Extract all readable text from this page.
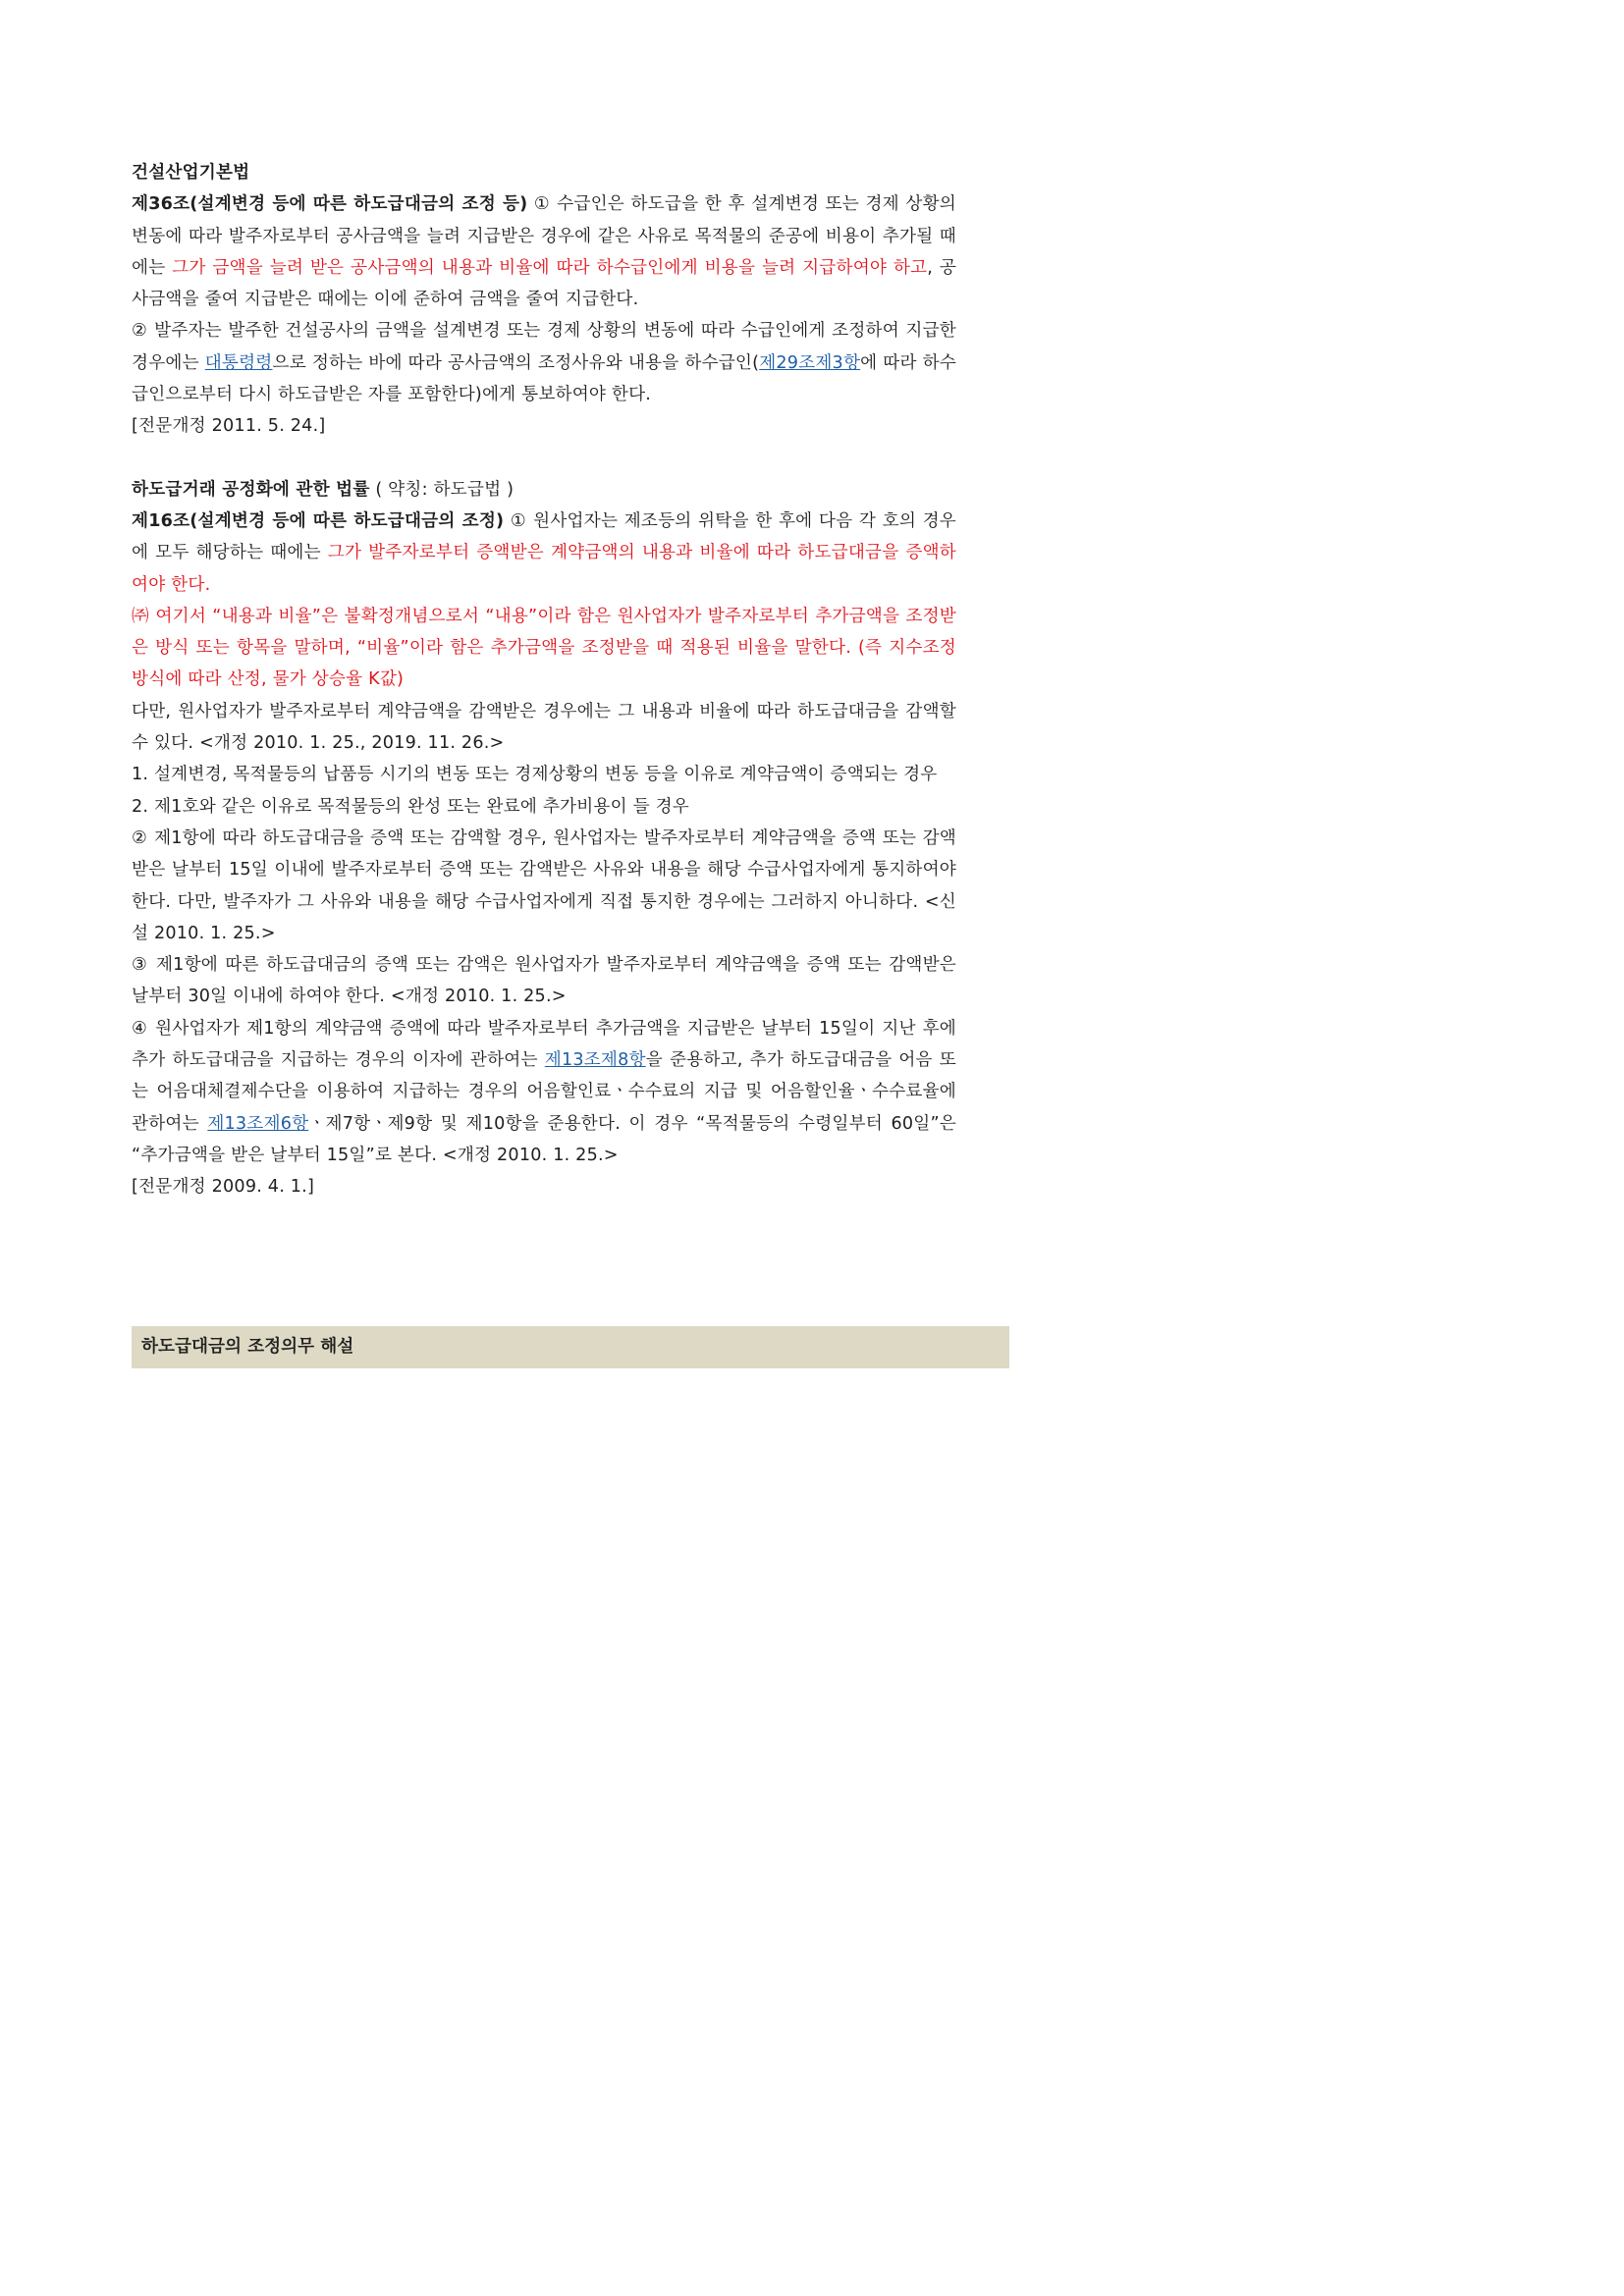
건설산업기본법

제36조(설계변경 등에 따른 하도급대금의 조정 등) ① 수급인은 하도급을 한 후 설계변경 또는 경제 상황의 변동에 따라 발주자로부터 공사금액을 늘려 지급받은 경우에 같은 사유로 목적물의 준공에 비용이 추가될 때에는 그가 금액을 늘려 받은 공사금액의 내용과 비율에 따라 하수급인에게 비용을 늘려 지급하여야 하고, 공사금액을 줄여 지급받은 때에는 이에 준하여 금액을 줄여 지급한다.

② 발주자는 발주한 건설공사의 금액을 설계변경 또는 경제 상황의 변동에 따라 수급인에게 조정하여 지급한 경우에는 대통령령으로 정하는 바에 따라 공사금액의 조정사유와 내용을 하수급인(제29조제3항에 따라 하수급인으로부터 다시 하도급받은 자를 포함한다)에게 통보하여야 한다.

[전문개정 2011. 5. 24.]

하도급거래 공정화에 관한 법률 ( 약칭: 하도급법 )

제16조(설계변경 등에 따른 하도급대금의 조정) ① 원사업자는 제조등의 위탁을 한 후에 다음 각 호의 경우에 모두 해당하는 때에는 그가 발주자로부터 증액받은 계약금액의 내용과 비율에 따라 하도급대금을 증액하여야 한다.

㈜ 여기서 “내용과 비율”은 불확정개념으로서 “내용”이라 함은 원사업자가 발주자로부터 추가금액을 조정받은 방식 또는 항목을 말하며, “비율”이라 함은 추가금액을 조정받을 때 적용된 비율을 말한다. (즉 지수조정방식에 따라 산정, 물가 상승율 K값)

다만, 원사업자가 발주자로부터 계약금액을 감액받은 경우에는 그 내용과 비율에 따라 하도급대금을 감액할 수 있다. <개정 2010. 1. 25., 2019. 11. 26.>

1. 설계변경, 목적물등의 납품등 시기의 변동 또는 경제상황의 변동 등을 이유로 계약금액이 증액되는 경우

2. 제1호와 같은 이유로 목적물등의 완성 또는 완료에 추가비용이 들 경우

② 제1항에 따라 하도급대금을 증액 또는 감액할 경우, 원사업자는 발주자로부터 계약금액을 증액 또는 감액받은 날부터 15일 이내에 발주자로부터 증액 또는 감액받은 사유와 내용을 해당 수급사업자에게 통지하여야 한다. 다만, 발주자가 그 사유와 내용을 해당 수급사업자에게 직접 통지한 경우에는 그러하지 아니하다. <신설 2010. 1. 25.>

③ 제1항에 따른 하도급대금의 증액 또는 감액은 원사업자가 발주자로부터 계약금액을 증액 또는 감액받은 날부터 30일 이내에 하여야 한다. <개정 2010. 1. 25.>

④ 원사업자가 제1항의 계약금액 증액에 따라 발주자로부터 추가금액을 지급받은 날부터 15일이 지난 후에 추가 하도급대금을 지급하는 경우의 이자에 관하여는 제13조제8항을 준용하고, 추가 하도급대금을 어음 또는 어음대체결제수단을 이용하여 지급하는 경우의 어음할인료ㆍ수수료의 지급 및 어음할인율ㆍ수수료율에 관하여는 제13조제6항ㆍ제7항ㆍ제9항 및 제10항을 준용한다. 이 경우 “목적물등의 수령일부터 60일”은 “추가금액을 받은 날부터 15일”로 본다. <개정 2010. 1. 25.>

[전문개정 2009. 4. 1.]

하도급대금의 조정의무 해설
